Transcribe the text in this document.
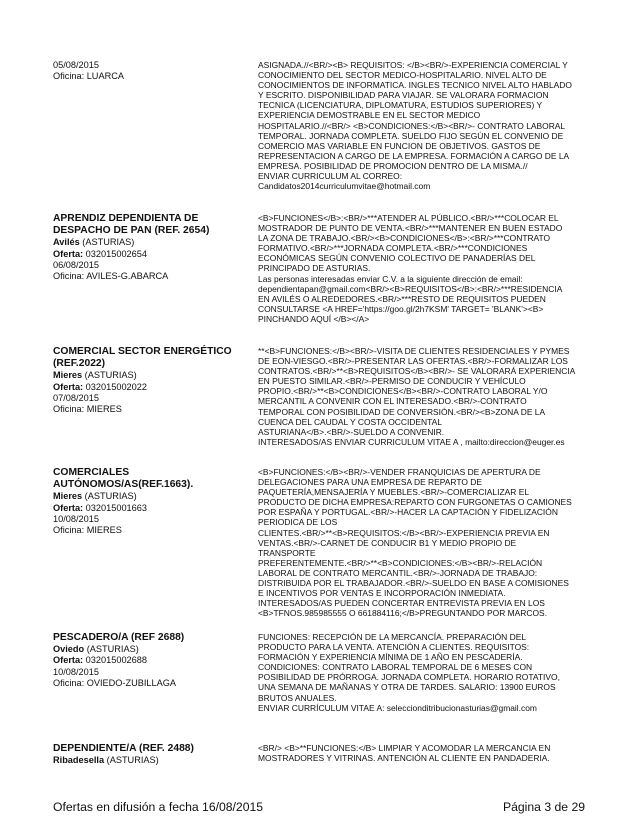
05/08/2015
Oficina: LUARCA
ASIGNADA.//<BR/><B> REQUISITOS: </B><BR/>-EXPERIENCIA COMERCIAL Y
CONOCIMIENTO DEL SECTOR MEDICO-HOSPITALARIO. NIVEL ALTO DE
CONOCIMIENTOS DE INFORMATICA. INGLES TECNICO NIVEL ALTO HABLADO
Y ESCRITO. DISPONIBILIDAD PARA VIAJAR. SE VALORARA FORMACION
TECNICA (LICENCIATURA, DIPLOMATURA, ESTUDIOS SUPERIORES) Y
EXPERIENCIA DEMOSTRABLE EN EL SECTOR MEDICO
HOSPITALARIO.//<BR/> <B>CONDICIONES:</B><BR/>- CONTRATO LABORAL
TEMPORAL. JORNADA COMPLETA. SUELDO FIJO SEGÚN EL CONVENIO DE
COMERCIO MAS VARIABLE EN FUNCION DE OBJETIVOS. GASTOS DE
REPRESENTACION A CARGO DE LA EMPRESA. FORMACIÓN A CARGO DE LA
EMPRESA. POSIBILIDAD DE PROMOCION DENTRO DE LA MISMA.//
ENVIAR CURRICULUM AL CORREO:
Candidatos2014curriculumvitae@hotmail.com
APRENDIZ DEPENDIENTA DE
DESPACHO DE PAN (REF. 2654)
Avilés (ASTURIAS)
Oferta: 032015002654
06/08/2015
Oficina: AVILES-G.ABARCA
<B>FUNCIONES</B>:<BR/>***ATENDER AL PÚBLICO.<BR/>***COLOCAR EL
MOSTRADOR DE PUNTO DE VENTA.<BR/>***MANTENER EN BUEN ESTADO
LA ZONA DE TRABAJO.<BR/><B>CONDICIONES</B>:<BR/>***CONTRATO
FORMATIVO.<BR/>***JORNADA COMPLETA.<BR/>***CONDICIONES
ECONÓMICAS SEGÚN CONVENIO COLECTIVO DE PANADERÍAS DEL
PRINCIPADO DE ASTURIAS.
Las personas interesadas enviar C.V. a la siguiente dirección de email:
dependientapan@gmail.com<BR/><B>REQUISITOS</B>:<BR/>***RESIDENCIA
EN AVILÉS O ALREDEDORES.<BR/>***RESTO DE REQUISITOS PUEDEN
CONSULTARSE <A HREF='https://goo.gl/2h7KSM' TARGET= 'BLANK'><B>
PINCHANDO AQUÍ </B></A>
COMERCIAL SECTOR ENERGÉTICO
(REF.2022)
Mieres (ASTURIAS)
Oferta: 032015002022
07/08/2015
Oficina: MIERES
**<B>FUNCIONES:</B><BR/>-VISITA DE CLIENTES RESIDENCIALES Y PYMES
DE EON-VIESGO.<BR/>-PRESENTAR LAS OFERTAS.<BR/>-FORMALIZAR LOS
CONTRATOS.<BR/>**<B>REQUISITOS</B><BR/>- SE VALORARÁ EXPERIENCIA
EN PUESTO SIMILAR.<BR/>-PERMISO DE CONDUCIR Y VEHÍCULO
PROPIO.<BR/>**<B>CONDICIONES</B><BR/>-CONTRATO LABORAL Y/O
MERCANTIL A CONVENIR CON EL INTERESADO.<BR/>-CONTRATO
TEMPORAL CON POSIBILIDAD DE CONVERSIÓN.<BR/><B>ZONA DE LA
CUENCA DEL CAUDAL Y COSTA OCCIDENTAL
ASTURIANA</B>.<BR/>-SUELDO A CONVENIR.
INTERESADOS/AS ENVIAR CURRICULUM VITAE A , mailto:direccion@euger.es
COMERCIALES
AUTÓNOMOS/AS(REF.1663).
Mieres (ASTURIAS)
Oferta: 032015001663
10/08/2015
Oficina: MIERES
<B>FUNCIONES:</B><BR/>-VENDER FRANQUICIAS DE APERTURA DE
DELEGACIONES PARA UNA EMPRESA DE REPARTO DE
PAQUETERÍA,MENSAJERÍA Y MUEBLES.<BR/>-COMERCIALIZAR EL
PRODUCTO DE DICHA EMPRESA:REPARTO CON FURGONETAS O CAMIONES
POR ESPAÑA Y PORTUGAL.<BR/>-HACER LA CAPTACIÓN Y FIDELIZACIÓN
PERIODICA DE LOS
CLIENTES.<BR/>**<B>REQUISITOS:</B><BR/>-EXPERIENCIA PREVIA EN
VENTAS.<BR/>-CARNET DE CONDUCIR B1 Y MEDIO PROPIO DE
TRANSPORTE
PREFERENTEMENTE.<BR/>**<B>CONDICIONES:</B><BR/>-RELACIÓN
LABORAL DE CONTRATO MERCANTIL.<BR/>-JORNADA DE TRABAJO:
DISTRIBUIDA POR EL TRABAJADOR.<BR/>-SUELDO EN BASE A COMISIONES
E INCENTIVOS POR VENTAS E INCORPORACIÓN INMEDIATA.
INTERESADOS/AS PUEDEN CONCERTAR ENTREVISTA PREVIA EN LOS
<B>TFNOS.985985555 O 661884116;</B>PREGUNTANDO POR MARCOS.
PESCADERO/A (REF 2688)
Oviedo (ASTURIAS)
Oferta: 032015002688
10/08/2015
Oficina: OVIEDO-ZUBILLAGA
FUNCIONES: RECEPCIÓN DE LA MERCANCÍA. PREPARACIÓN DEL
PRODUCTO PARA LA VENTA. ATENCIÓN A CLIENTES. REQUISITOS:
FORMACIÓN Y EXPERIENCIA MÍNIMA DE 1 AÑO EN PESCADERÍA.
CONDICIONES: CONTRATO LABORAL TEMPORAL DE 6 MESES CON
POSIBILIDAD DE PRÓRROGA. JORNADA COMPLETA. HORARIO ROTATIVO,
UNA SEMANA DE MAÑANAS Y OTRA DE TARDES. SALARIO: 13900 EUROS
BRUTOS ANUALES.
ENVIAR CURRÍCULUM VITAE A: seleccionditribucionasturias@gmail.com
DEPENDIENTE/A (REF. 2488)
Ribadesella (ASTURIAS)
<BR/> <B>**FUNCIONES:</B> LIMPIAR Y ACOMODAR LA MERCANCIA EN
MOSTRADORES Y VITRINAS. ANTENCIÓN AL CLIENTE EN PANDADERIA.
Ofertas en difusión a fecha 16/08/2015	Página 3 de 29
